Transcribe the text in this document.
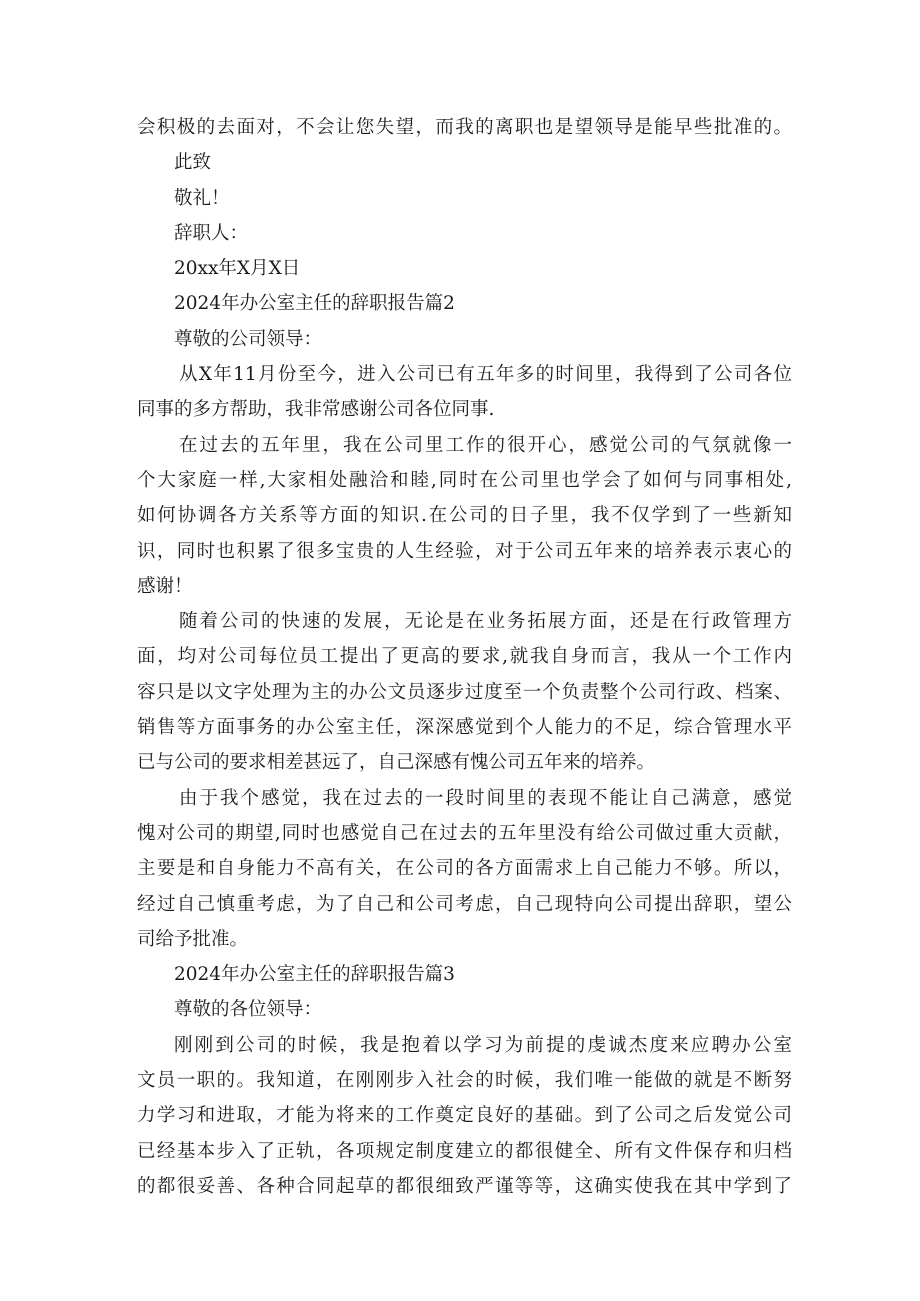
会积极的去面对，不会让您失望，而我的离职也是望领导是能早些批准的。
此致
敬礼！
辞职人：
20xx年X月X日
2024年办公室主任的辞职报告篇2
尊敬的公司领导：
从X年11月份至今，进入公司已有五年多的时间里，我得到了公司各位
同事的多方帮助，我非常感谢公司各位同事.
在过去的五年里，我在公司里工作的很开心，感觉公司的气氛就像一
个大家庭一样,大家相处融洽和睦,同时在公司里也学会了如何与同事相处,
如何协调各方关系等方面的知识.在公司的日子里，我不仅学到了一些新知
识，同时也积累了很多宝贵的人生经验，对于公司五年来的培养表示衷心的
感谢！
随着公司的快速的发展，无论是在业务拓展方面，还是在行政管理方
面，均对公司每位员工提出了更高的要求,就我自身而言，我从一个工作内
容只是以文字处理为主的办公文员逐步过度至一个负责整个公司行政、档案、
销售等方面事务的办公室主任，深深感觉到个人能力的不足，综合管理水平
已与公司的要求相差甚远了，自己深感有愧公司五年来的培养。
由于我个感觉，我在过去的一段时间里的表现不能让自己满意，感觉
愧对公司的期望,同时也感觉自己在过去的五年里没有给公司做过重大贡献，
主要是和自身能力不高有关，在公司的各方面需求上自己能力不够。所以，
经过自己慎重考虑，为了自己和公司考虑，自己现特向公司提出辞职，望公
司给予批准。
2024年办公室主任的辞职报告篇3
尊敬的各位领导：
刚刚到公司的时候，我是抱着以学习为前提的虔诚杰度来应聘办公室
文员一职的。我知道，在刚刚步入社会的时候，我们唯一能做的就是不断努
力学习和进取，才能为将来的工作奠定良好的基础。到了公司之后发觉公司
已经基本步入了正轨，各项规定制度建立的都很健全、所有文件保存和归档
的都很妥善、各种合同起草的都很细致严谨等等，这确实使我在其中学到了
